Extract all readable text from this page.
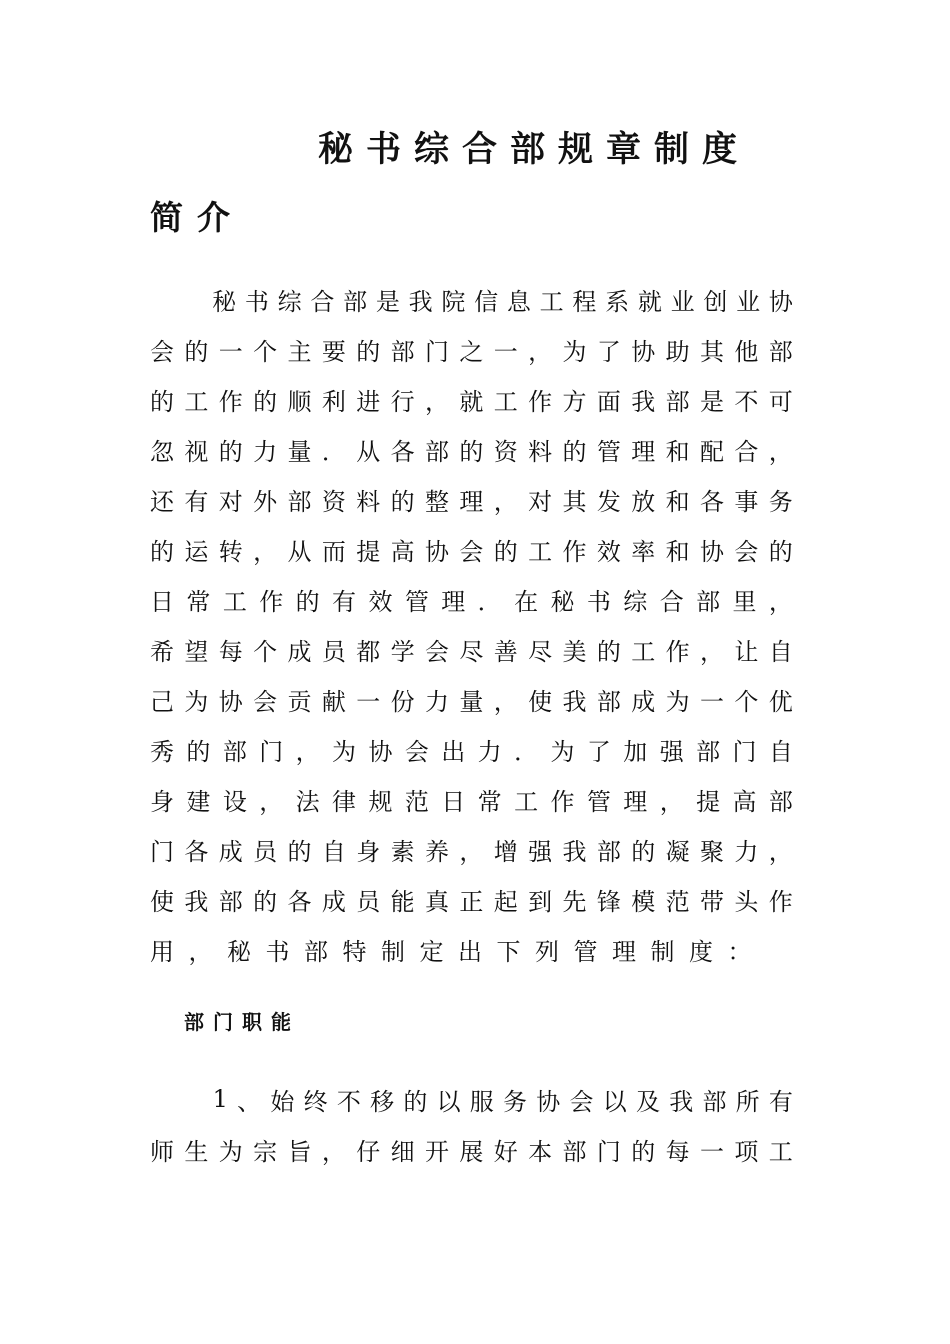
秘书综合部规章制度
简介

秘 书 综 合 部 是 我 院 信 息 工 程 系 就 业 创 业 协
会 的 一 个 主 要 的 部 门 之 一 ， 为 了 协 助 其 他 部
的 工 作 的 顺 利 进 行 ， 就 工 作 方 面 我 部 是 不 可
忽 视 的 力 量 ． 从 各 部 的 资 料 的 管 理 和 配 合 ，
还 有 对 外 部 资 料 的 整 理 ， 对 其 发 放 和 各 事 务
的 运 转 ， 从 而 提 高 协 会 的 工 作 效 率 和 协 会 的
日 常 工 作 的 有 效 管 理 ． 在 秘 书 综 合 部 里 ，
希 望 每 个 成 员 都 学 会 尽 善 尽 美 的 工 作 ， 让 自
己 为 协 会 贡 献 一 份 力 量 ， 使 我 部 成 为 一 个 优
秀 的 部 门 ， 为 协 会 出 力 ． 为 了 加 强 部 门 自
身 建 设 ， 法 律 规 范 日 常 工 作 管 理 ， 提 高 部
门 各 成 员 的 自 身 素 养 ， 增 强 我 部 的 凝 聚 力 ，
使 我 部 的 各 成 员 能 真 正 起 到 先 锋 模 范 带 头 作
用 ， 秘 书 部 特 制 定 出 下 列 管 理 制 度 ：
部门职能

1 、 始 终 不 移 的 以 服 务 协 会 以 及 我 部 所 有
师 生 为 宗 旨 ， 仔 细 开 展 好 本 部 门 的 每 一 项 工
